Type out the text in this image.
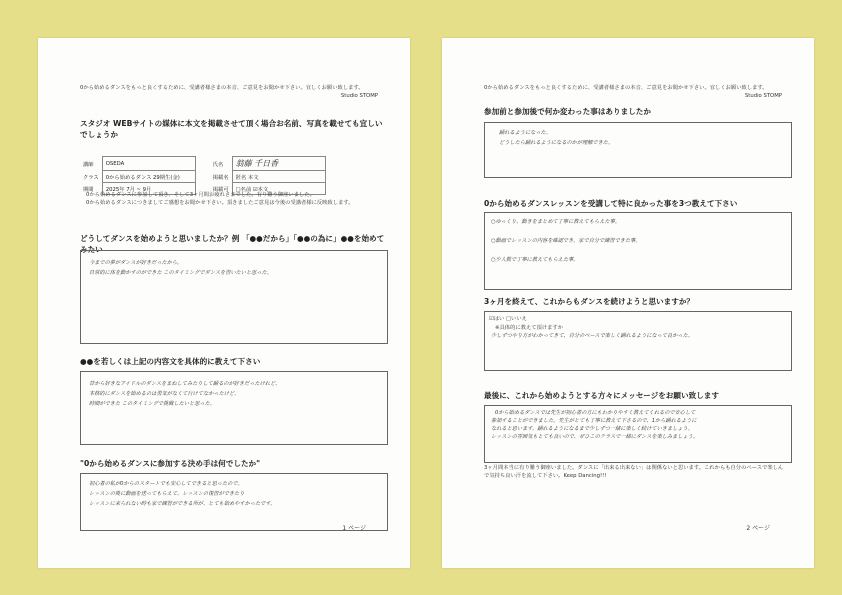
0から始めるダンスをもっと良くするために、受講者様さまの本音、ご意見をお聞かせ下さい。宜しくお願い致します。
Studio STOMP
スタジオ WEBサイトの媒体に本文を掲載させて頂く場合お名前、写真を載せても宜しいでしょうか
講師	OSEDA		氏名	翁藤 千日香
クラス	0から始めるダンス 29期生(金)		掲載名	匿名 本文
期間	2025年 7月 ~ 9月		掲載可	□名前 ☑本文
0から始めるダンスに参加して頂き、そして3ヶ月間お疲れさまでした。有り難う御座いました。
0から始めるダンスにつきましてご感想をお聞かせ下さい。頂きましたご意見は今後の受講者様に反映致します。
どうしてダンスを始めようと思いましたか？例 「●●だから」「●●の為に」●●を始めてみたい
今までの夢がダンスが好きだったから。
日常的に体を動かすのができた このタイミングでダンスを習いたいと思った。
●●を若しくは上記の内容文を具体的に教えて下さい
昔から好きなアイドルのダンスをまねしてみたりして踊るのが好きだったけれど、
本格的にダンスを始めるのは勇気がなくて行けてなかったけど、
時間ができた このタイミングで挑戦したいと思った。
"0から始めるダンスに参加する決め手は何でしたか"
初心者の私が0からのスタートでも安心してできると思ったので。
レッスンの後に動画を送ってもらえて、レッスンの復習ができたり
レッスンに来られない時も家で練習ができる所が、とても始めやすかったです。
1 ページ
0から始めるダンスをもっと良くするために、受講者様さまの本音、ご意見をお聞かせ下さい。宜しくお願い致します。
Studio STOMP
参加前と参加後で何か変わった事はありましたか
踊れるようになった。
どうしたら踊れるようになるのかが理解できた。
0から始めるダンスレッスンを受講して特に良かった事を3つ教えて下さい
○ゆっくり、動きをまとめて丁寧に教えてもらえた事。
○動画でレッスンの内容を確認でき、家で自分で練習できた事。
○少人数で丁寧に教えてもらえた事。
3ヶ月を終えて、これからもダンスを続けようと思いますか？
☑はい □いいえ
※具体的に教えて頂けますか
少しずつやり方がわかってきて、自分のペースで楽しく踊れるようになって良かった。
最後に、これから始めようとする方々にメッセージをお願い致します
0から始めるダンスでは先生が初心者の方にもわかりやすく教えてくれるので安心して
参加することができました。先生がとても丁寧に教えて下さるので、1から踊れるように
なれると思います。踊れるようになるまで少しずつ一緒に楽しく続けていきましょう。
レッスンの雰囲気もとても良いので、ぜひこのクラスで一緒にダンスを楽しみましょう。
3ヶ月間本当に有り難う御座いました。ダンスに「出来る出来ない」は関係ないと思います。これからも自分のペースで楽しんで気持ち良い汗を流して下さい。Keep Dancing!!!
2 ページ
